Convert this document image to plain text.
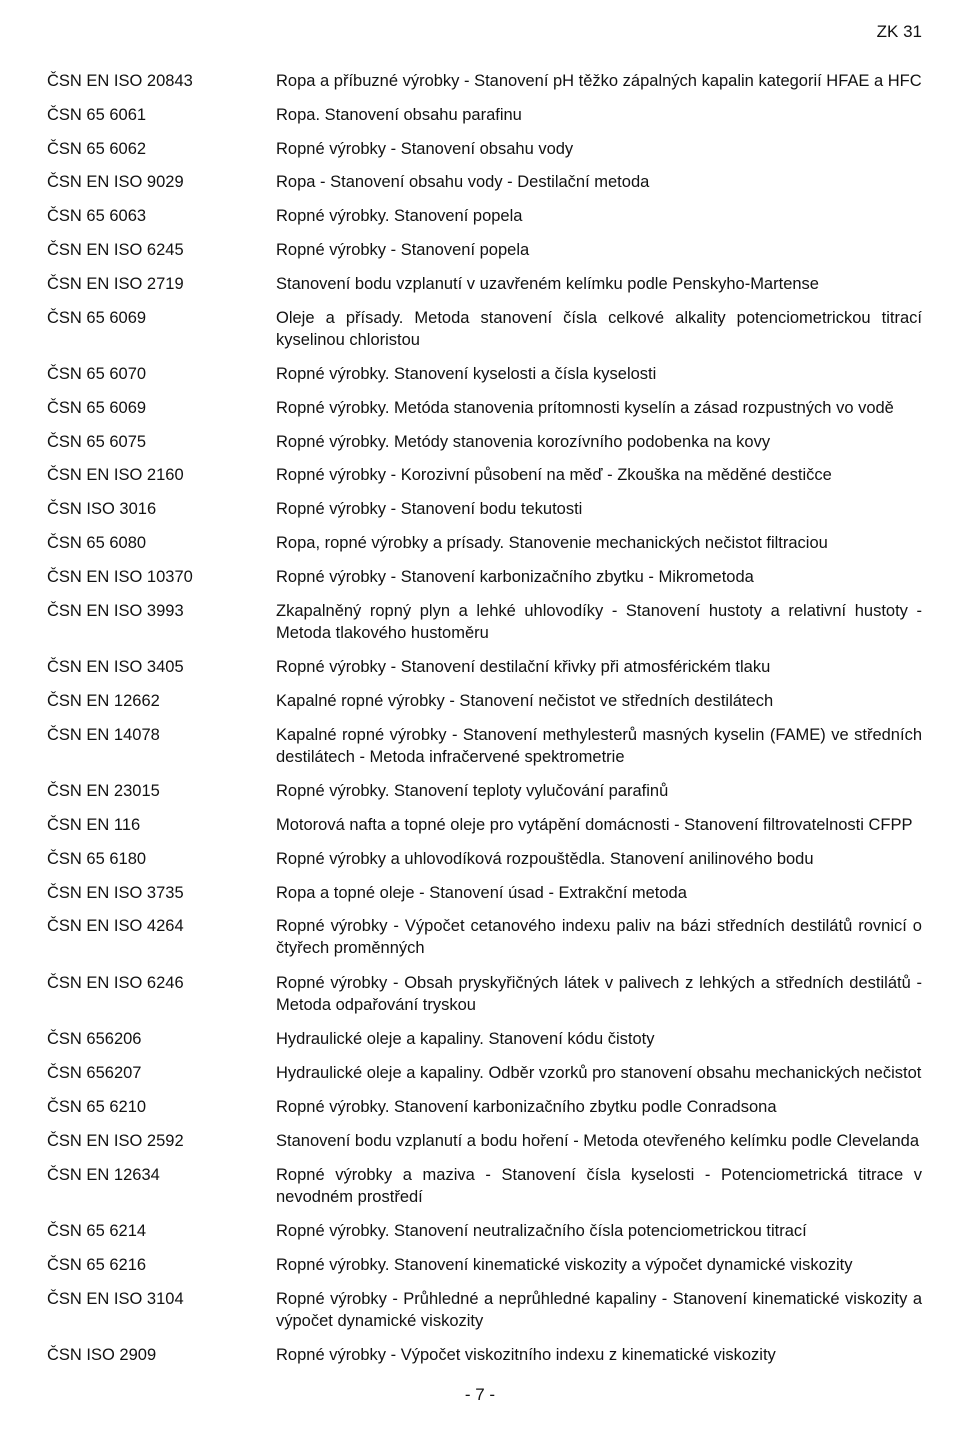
ZK 31
ČSN EN ISO 20843	Ropa a příbuzné výrobky - Stanovení pH těžko zápalných kapalin kategorií HFAE a HFC
ČSN 65 6061	Ropa. Stanovení obsahu parafinu
ČSN 65 6062	Ropné výrobky - Stanovení obsahu vody
ČSN EN ISO 9029	Ropa - Stanovení obsahu vody - Destilační metoda
ČSN 65 6063	Ropné výrobky. Stanovení popela
ČSN EN ISO 6245	Ropné výrobky - Stanovení popela
ČSN EN ISO 2719	Stanovení bodu vzplanutí v uzavřeném kelímku podle Penskyho-Martense
ČSN 65 6069	Oleje a přísady. Metoda stanovení čísla celkové alkality potenciometrickou titrací kyselinou chloristou
ČSN 65 6070	Ropné výrobky. Stanovení kyselosti a čísla kyselosti
ČSN 65 6069	Ropné výrobky. Metóda stanovenia prítomnosti kyselín a zásad rozpustných vo vodě
ČSN 65 6075	Ropné výrobky. Metódy stanovenia korozívního podobenka na kovy
ČSN EN ISO 2160	Ropné výrobky - Korozivní působení na měď - Zkouška na měděné destičce
ČSN ISO 3016	Ropné výrobky - Stanovení bodu tekutosti
ČSN 65 6080	Ropa, ropné výrobky a prísady. Stanovenie mechanických nečistot filtraciou
ČSN EN ISO 10370	Ropné výrobky - Stanovení karbonizačního zbytku - Mikrometoda
ČSN EN ISO 3993	Zkapalněný ropný plyn a lehké uhlovodíky - Stanovení hustoty a relativní hustoty - Metoda tlakového hustoměru
ČSN EN ISO 3405	Ropné výrobky - Stanovení destilační křivky při atmosférickém tlaku
ČSN EN 12662	Kapalné ropné výrobky - Stanovení nečistot ve středních destilátech
ČSN EN 14078	Kapalné ropné výrobky - Stanovení methylesterů masných kyselin (FAME) ve středních destilátech - Metoda infračervené spektrometrie
ČSN EN 23015	Ropné výrobky. Stanovení teploty vylučování parafinů
ČSN EN 116	Motorová nafta a topné oleje pro vytápění domácnosti - Stanovení filtrovatelnosti CFPP
ČSN 65 6180	Ropné výrobky a uhlovodíková rozpouštědla. Stanovení anilinového bodu
ČSN EN ISO 3735	Ropa a topné oleje - Stanovení úsad - Extrakční metoda
ČSN EN ISO 4264	Ropné výrobky - Výpočet cetanového indexu paliv na bázi středních destilátů rovnicí o čtyřech proměnných
ČSN EN ISO 6246	Ropné výrobky - Obsah pryskyřičných látek v palivech z lehkých a středních destilátů - Metoda odpařování tryskou
ČSN 656206	Hydraulické oleje a kapaliny. Stanovení kódu čistoty
ČSN 656207	Hydraulické oleje a kapaliny. Odběr vzorků pro stanovení obsahu mechanických nečistot
ČSN 65 6210	Ropné výrobky. Stanovení karbonizačního zbytku podle Conradsona
ČSN EN ISO 2592	Stanovení bodu vzplanutí a bodu hoření - Metoda otevřeného kelímku podle Clevelanda
ČSN EN 12634	Ropné výrobky a maziva - Stanovení čísla kyselosti - Potenciometrická titrace v nevodném prostředí
ČSN 65 6214	Ropné výrobky. Stanovení neutralizačního čísla potenciometrickou titrací
ČSN 65 6216	Ropné výrobky. Stanovení kinematické viskozity a výpočet dynamické viskozity
ČSN EN ISO 3104	Ropné výrobky - Průhledné a neprůhledné kapaliny - Stanovení kinematické viskozity a výpočet dynamické viskozity
ČSN ISO 2909	Ropné výrobky - Výpočet viskozitního indexu z kinematické viskozity
- 7 -
